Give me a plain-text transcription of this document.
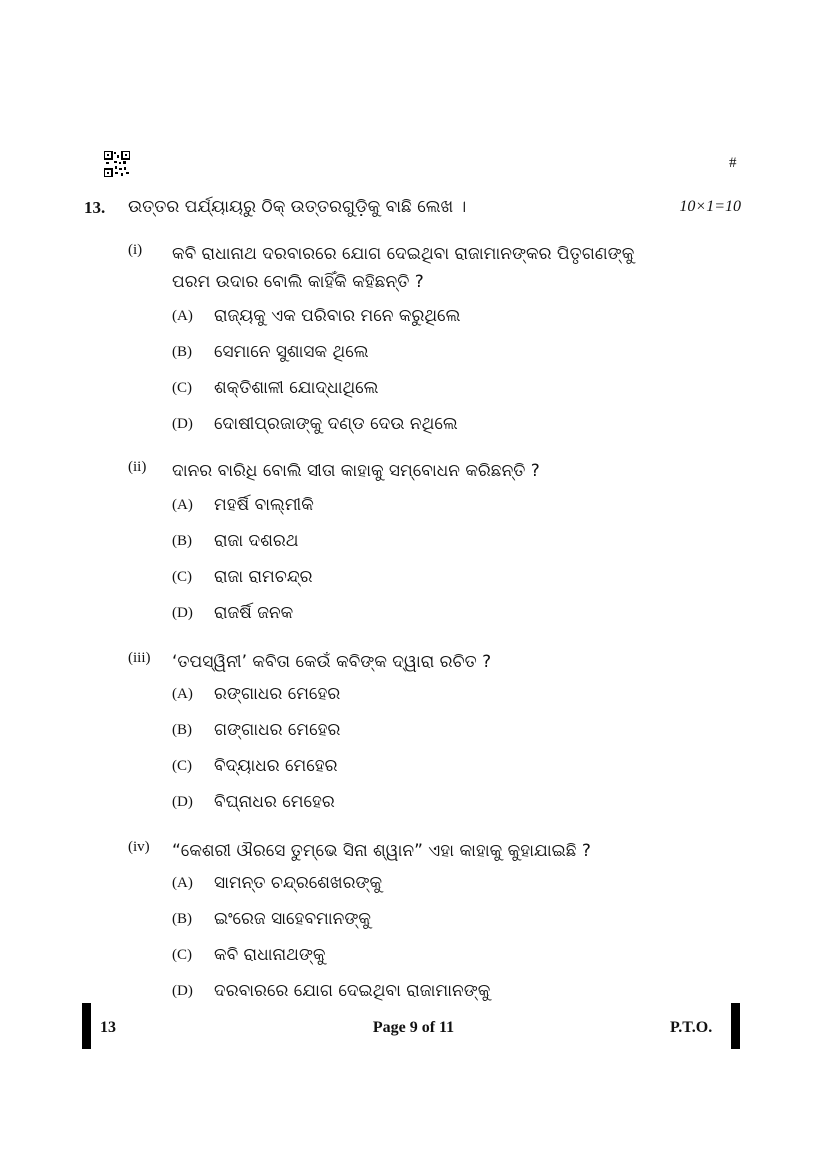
#
13. ଉତ୍ତର ପର୍ଯ୍ୟାୟରୁ ଠିକ୍ ଉତ୍ତରଗୁଡ଼ିକୁ ବାଛି ଲେଖ ।	10×1=10
(i) କବି ରାଧାନାଥ ଦରବାରରେ ଯୋଗ ଦେଇଥିବା ରାଜାମାନଙ୍କର ପିତୃଗଣଙ୍କୁ
ପରମ ଉଦାର ବୋଲି କାହିଁକି କହିଛନ୍ତି ?
(A) ରାଜ୍ୟକୁ ଏକ ପରିବାର ମନେ କରୁଥିଲେ
(B) ସେମାନେ ସୁଶାସକ ଥିଲେ
(C) ଶକ୍ତିଶାଳୀ ଯୋଦ୍ଧାଥିଲେ
(D) ଦୋଷୀପ୍ରଜାଙ୍କୁ ଦଣ୍ଡ ଦେଉ ନଥିଲେ
(ii) ଦାନର ବାରିଧି ବୋଲି ସୀତା କାହାକୁ ସମ୍ବୋଧନ କରିଛନ୍ତି ?
(A) ମହର୍ଷି ବାଲ୍ମୀକି
(B) ରାଜା ଦଶରଥ
(C) ରାଜା ରାମଚନ୍ଦ୍ର
(D) ରାଜର୍ଷି ଜନକ
(iii) ‘ତପସ୍ୱିନୀ’ କବିତା କେଉଁ କବିଙ୍କ ଦ୍ୱାରା ରଚିତ ?
(A) ରଙ୍ଗାଧର ମେହେର
(B) ଗଙ୍ଗାଧର ମେହେର
(C) ବିଦ୍ୟାଧର ମେହେର
(D) ବିଘ୍ନାଧର ମେହେର
(iv) “କେଶରୀ ଔରସେ ତୁମ୍ଭେ ସିନା ଶ୍ୱାନ” ଏହା କାହାକୁ କୁହାଯାଇଛି ?
(A) ସାମନ୍ତ ଚନ୍ଦ୍ରଶେଖରଙ୍କୁ
(B) ଇଂରେଜ ସାହେବମାନଙ୍କୁ
(C) କବି ରାଧାନାଥଙ୍କୁ
(D) ଦରବାରରେ ଯୋଗ ଦେଇଥିବା ରାଜାମାନଙ୍କୁ
13	Page 9 of 11	P.T.O.
